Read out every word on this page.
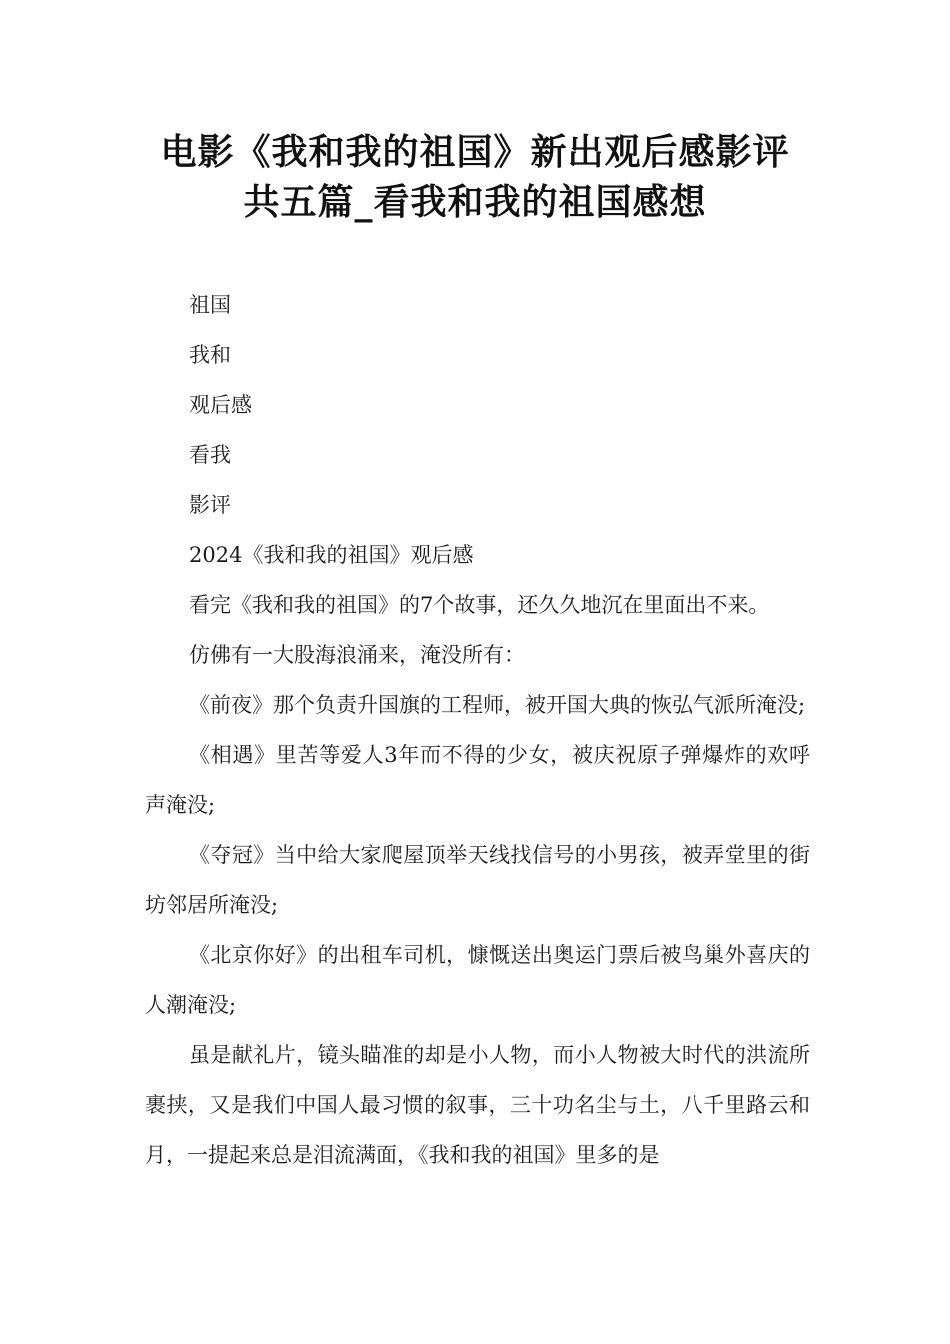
电影《我和我的祖国》新出观后感影评
共五篇_看我和我的祖国感想

祖国

我和

观后感

看我

影评

2024《我和我的祖国》观后感

看完《我和我的祖国》的7个故事，还久久地沉在里面出不来。

仿佛有一大股海浪涌来，淹没所有：

《前夜》那个负责升国旗的工程师，被开国大典的恢弘气派所淹没;

《相遇》里苦等爱人3年而不得的少女，被庆祝原子弹爆炸的欢呼声淹没;

《夺冠》当中给大家爬屋顶举天线找信号的小男孩，被弄堂里的街坊邻居所淹没;

《北京你好》的出租车司机，慷慨送出奥运门票后被鸟巢外喜庆的人潮淹没;

虽是献礼片，镜头瞄准的却是小人物，而小人物被大时代的洪流所裹挟，又是我们中国人最习惯的叙事，三十功名尘与土，八千里路云和月，一提起来总是泪流满面，《我和我的祖国》里多的是
